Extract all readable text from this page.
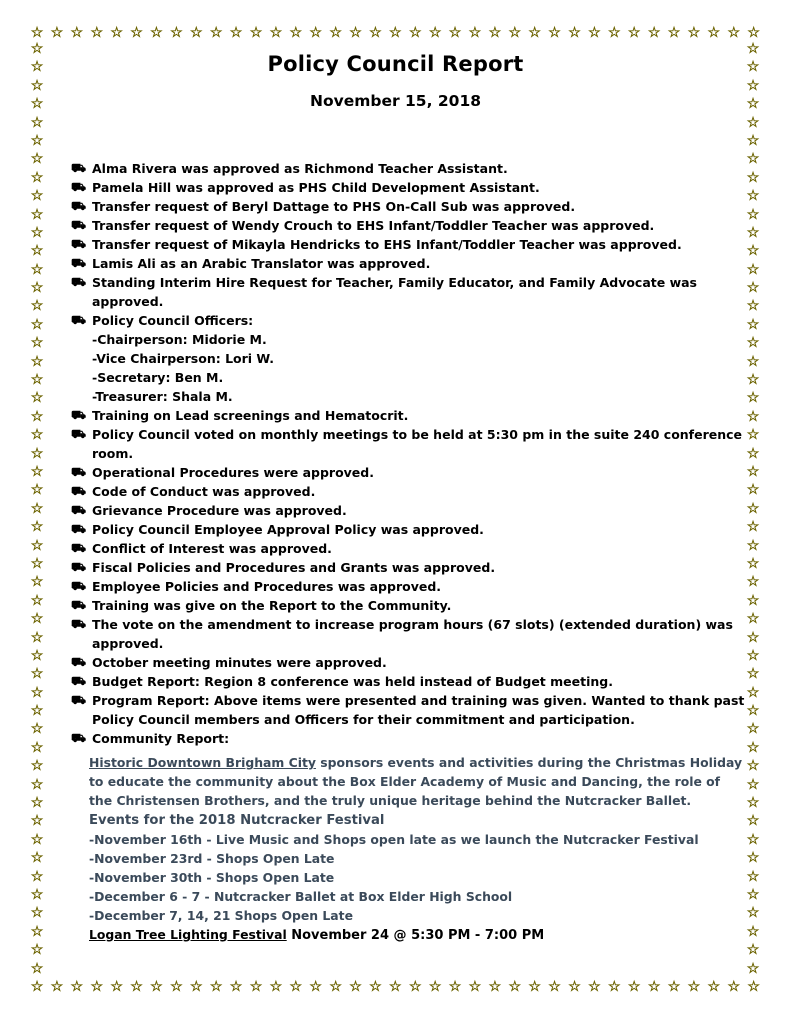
☆ ☆ ☆ ☆ ☆ ☆ ☆ ☆ ☆ ☆ ☆ ☆ ☆ ☆ ☆ ☆ ☆ ☆ ☆ ☆ ☆ ☆ ☆ ☆ ☆ ☆ ☆ ☆ ☆ ☆ ☆ ☆ ☆ ☆ ☆ ☆ ☆
☆ ☆ ☆ ☆ ☆ ☆ ☆ ☆ ☆ ☆ ☆ ☆ ☆ ☆ ☆ ☆ ☆ ☆ ☆ ☆ ☆ ☆ ☆ ☆ ☆ ☆ ☆ ☆ ☆ ☆ ☆ ☆ ☆ ☆ ☆ ☆ ☆
☆
☆
☆
☆
☆
☆
☆
☆
☆
☆
☆
☆
☆
☆
☆
☆
☆
☆
☆
☆
☆
☆
☆
☆
☆
☆
☆
☆
☆
☆
☆
☆
☆
☆
☆
☆
☆
☆
☆
☆
☆
☆
☆
☆
☆
☆
☆
☆
☆
☆
☆
☆
☆
☆
☆
☆
☆
☆
☆
☆
☆
☆
☆
☆
☆
☆
☆
☆
☆
☆
☆
☆
☆
☆
☆
☆
☆
☆
☆
☆
☆
☆
☆
☆
☆
☆
☆
☆
☆
☆
☆
☆
☆
☆
☆
☆
☆
☆
☆
☆
☆
☆
Policy Council Report
November 15, 2018
⛟ Alma Rivera was approved as Richmond Teacher Assistant.
⛟ Pamela Hill was approved as PHS Child Development Assistant.
⛟ Transfer request of Beryl Dattage to PHS On-Call Sub was approved.
⛟ Transfer request of Wendy Crouch to EHS Infant/Toddler Teacher was approved.
⛟ Transfer request of Mikayla Hendricks to EHS Infant/Toddler Teacher was approved.
⛟ Lamis Ali as an Arabic Translator was approved.
⛟ Standing Interim Hire Request for Teacher, Family Educator, and Family Advocate was approved.
⛟ Policy Council Officers:
-Chairperson: Midorie M.
-Vice Chairperson: Lori W.
-Secretary: Ben M.
-Treasurer: Shala M.
⛟ Training on Lead screenings and Hematocrit.
⛟ Policy Council voted on monthly meetings to be held at 5:30 pm in the suite 240 conference room.
⛟ Operational Procedures were approved.
⛟ Code of Conduct was approved.
⛟ Grievance Procedure was approved.
⛟ Policy Council Employee Approval Policy was approved.
⛟ Conflict of Interest was approved.
⛟ Fiscal Policies and Procedures and Grants was approved.
⛟ Employee Policies and Procedures was approved.
⛟ Training was give on the Report to the Community.
⛟ The vote on the amendment to increase program hours (67 slots) (extended duration) was approved.
⛟ October meeting minutes were approved.
⛟ Budget Report: Region 8 conference was held instead of Budget meeting.
⛟ Program Report: Above items were presented and training was given. Wanted to thank past Policy Council members and Officers for their commitment and participation.
⛟ Community Report:
Historic Downtown Brigham City sponsors events and activities during the Christmas Holiday to educate the community about the Box Elder Academy of Music and Dancing, the role of the Christensen Brothers, and the truly unique heritage behind the Nutcracker Ballet.
Events for the 2018 Nutcracker Festival
-November 16th - Live Music and Shops open late as we launch the Nutcracker Festival
-November 23rd - Shops Open Late
-November 30th - Shops Open Late
-December 6 - 7 - Nutcracker Ballet at Box Elder High School
-December 7, 14, 21 Shops Open Late
Logan Tree Lighting Festival November 24 @ 5:30 PM - 7:00 PM
